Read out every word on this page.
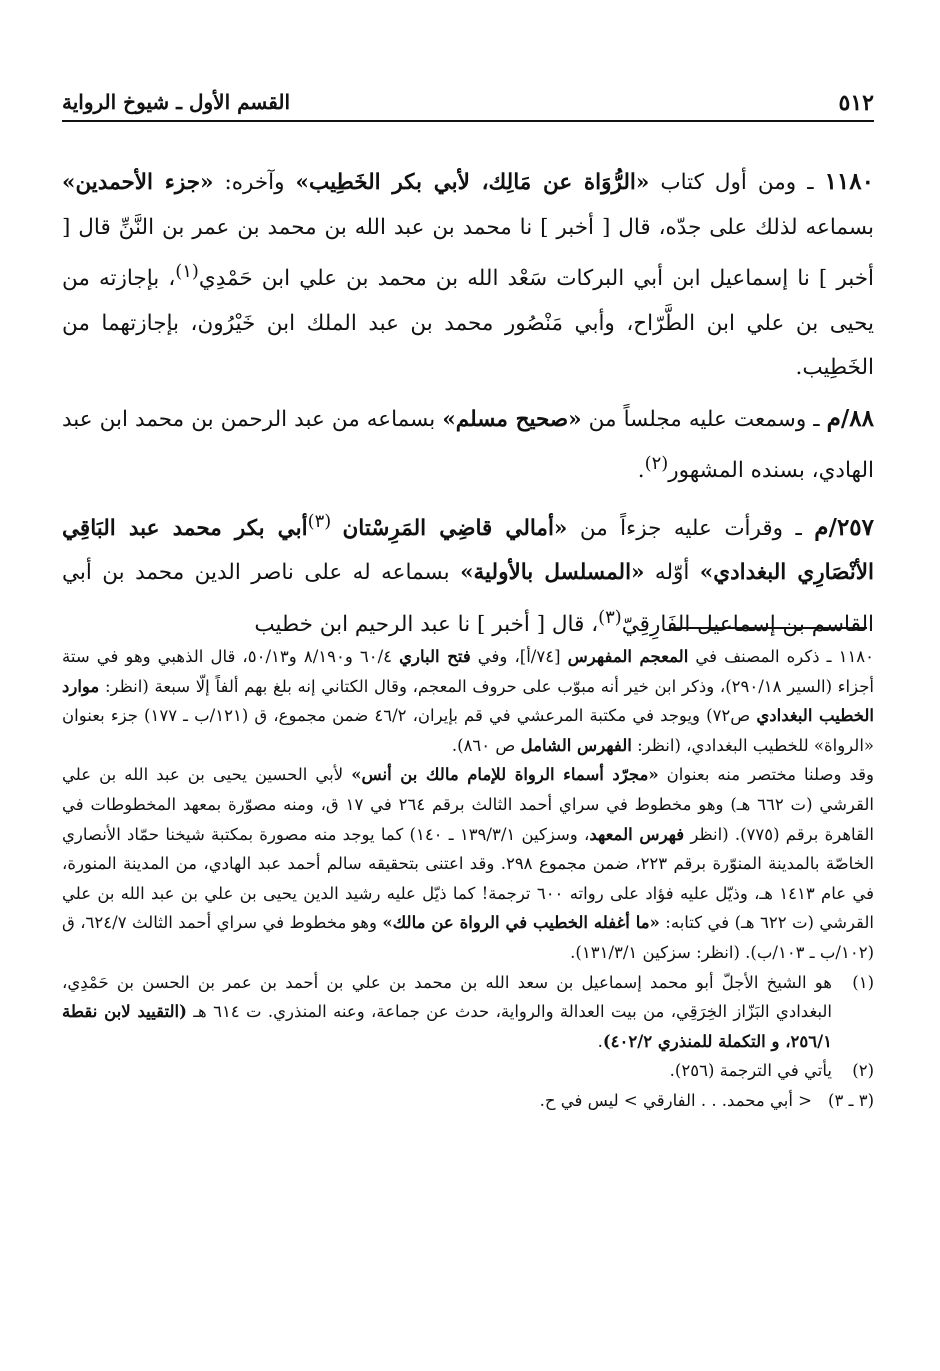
٥١٢
القسم الأول ـ شيوخ الرواية

١١٨٠ ـ ومن أول كتاب «الرُّوَاة عن مَالِك، لأبي بكر الخَطِيب» وآخره: «جزء الأحمدين» بسماعه لذلك على جدّه، قال [ أخبر ] نا محمد بن عبد الله بن محمد بن عمر بن النَّنِّ قال [ أخبر ] نا إسماعيل ابن أبي البركات سَعْد الله بن محمد بن علي ابن حَمْدِي$^{(١)}$، بإجازته من يحيى بن علي ابن الطَّرّاح، وأبي مَنْصُور محمد بن عبد الملك ابن خَيْرُون، بإجازتهما من الخَطِيب.

٨٨/م ـ وسمعت عليه مجلساً من «صحيح مسلم» بسماعه من عبد الرحمن بن محمد ابن عبد الهادي، بسنده المشهور$^{(٢)}$.

٢٥٧/م ـ وقرأت عليه جزءاً من «أمالي قاضِي المَرِسْتان $^{(٣)}$أبي بكر محمد عبد البَاقِي الأنْصَارِي البغدادي» أوّله «المسلسل بالأولية» بسماعه له على ناصر الدين محمد بن أبي القاسم بن إسماعيل الفَارِقِيّ$^{(٣)}$، قال [ أخبر ] نا عبد الرحيم ابن خطيب

١١٨٠ ـ ذكره المصنف في المعجم المفهرس [٧٤/أ]، وفي فتح الباري ٦٠/٤ و٨/١٩٠ و٥٠/١٣، قال الذهبي وهو في ستة أجزاء (السير ٢٩٠/١٨)، وذكر ابن خير أنه مبوّب على حروف المعجم، وقال الكتاني إنه بلغ بهم ألفاً إلّا سبعة (انظر: موارد الخطيب البغدادي ص٧٢) ويوجد في مكتبة المرعشي في قم بإيران، ٤٦/٢ ضمن مجموع، ق (١٢١/ب ـ ١٧٧) جزء بعنوان «الرواة» للخطيب البغدادي، (انظر: الفهرس الشامل ص ٨٦٠).

وقد وصلنا مختصر منه بعنوان «مجرّد أسماء الرواة للإمام مالك بن أنس» لأبي الحسين يحيى بن عبد الله بن علي القرشي (ت ٦٦٢ هـ) وهو مخطوط في سراي أحمد الثالث برقم ٢٦٤ في ١٧ ق، ومنه مصوّرة بمعهد المخطوطات في القاهرة برقم (٧٧٥). (انظر فهرس المعهد، وسزكين ١٣٩/٣/١ ـ ١٤٠) كما يوجد منه مصورة بمكتبة شيخنا حمّاد الأنصاري الخاصّة بالمدينة المنوّرة برقم ٢٢٣، ضمن مجموع ٢٩٨. وقد اعتنى بتحقيقه سالم أحمد عبد الهادي، من المدينة المنورة، في عام ١٤١٣ هـ، وذيّل عليه فؤاد على رواته ٦٠٠ ترجمة! كما ذيّل عليه رشيد الدين يحيى بن علي بن عبد الله بن علي القرشي (ت ٦٢٢ هـ) في كتابه: «ما أغفله الخطيب في الرواة عن مالك» وهو مخطوط في سراي أحمد الثالث ٦٢٤/٧، ق (١٠٢/ب ـ ١٠٣/ب). (انظر: سزكين ١٣١/٣/١).

(١)
هو الشيخ الأجلّ أبو محمد إسماعيل بن سعد الله بن محمد بن علي بن أحمد بن عمر بن الحسن بن حَمْدِي، البغدادي البَزّاز الخِرَقِي، من بيت العدالة والرواية، حدث عن جماعة، وعنه المنذري. ت ٦١٤ هـ (التقييد لابن نقطة ٢٥٦/١، و التكملة للمنذري ٤٠٢/٢).
(٢)
يأتي في الترجمة (٢٥٦).
(٣ ـ ٣)
< أبي محمد. . . الفارقي > ليس في ح.
